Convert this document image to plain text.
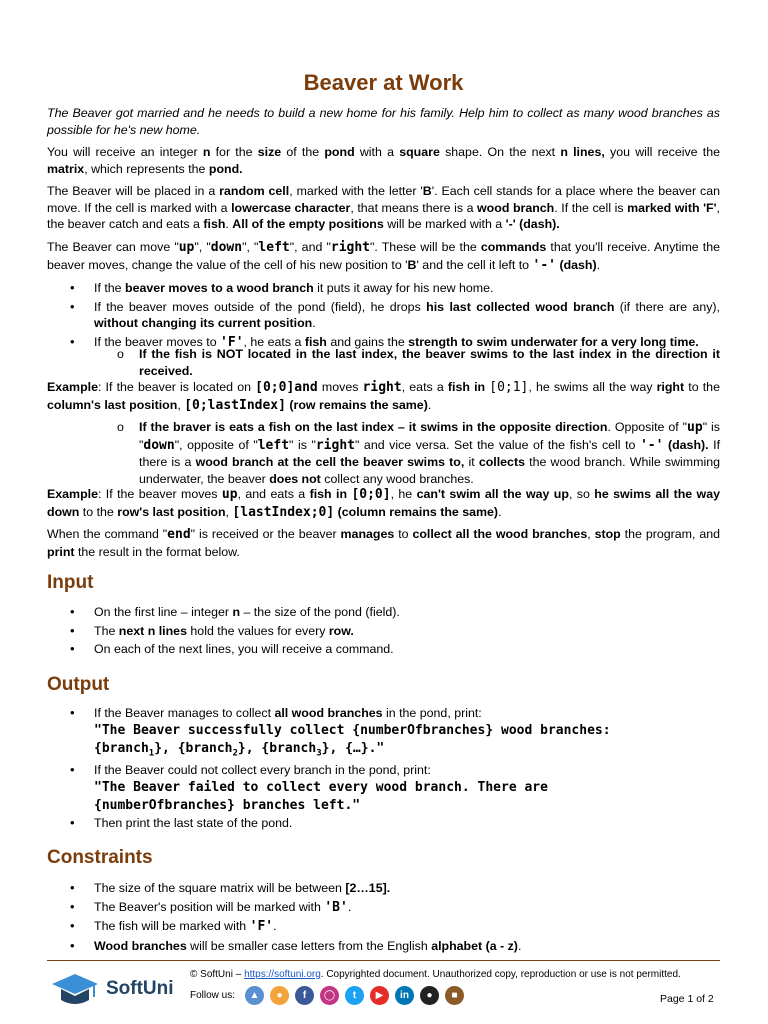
Beaver at Work

The Beaver got married and he needs to build a new home for his family. Help him to collect as many wood branches as possible for he's new home.

You will receive an integer n for the size of the pond with a square shape. On the next n lines, you will receive the matrix, which represents the pond.

The Beaver will be placed in a random cell, marked with the letter 'B'. Each cell stands for a place where the beaver can move. If the cell is marked with a lowercase character, that means there is a wood branch. If the cell is marked with 'F', the beaver catch and eats a fish. All of the empty positions will be marked with a '-' (dash).

The Beaver can move "up", "down", "left", and "right". These will be the commands that you'll receive. Anytime the beaver moves, change the value of the cell of his new position to 'B' and the cell it left to '-' (dash).

• If the beaver moves to a wood branch it puts it away for his new home.
• If the beaver moves outside of the pond (field), he drops his last collected wood branch (if there are any), without changing its current position.
• If the beaver moves to 'F', he eats a fish and gains the strength to swim underwater for a very long time.
o	If the fish is NOT located in the last index, the beaver swims to the last index in the direction it received.

Example: If the beaver is located on [0;0]and moves right, eats a fish in [0;1], he swims all the way right to the column's last position, [0;lastIndex] (row remains the same).

o	If the braver is eats a fish on the last index – it swims in the opposite direction. Opposite of "up" is "down", opposite of "left" is "right" and vice versa. Set the value of the fish's cell to '-' (dash). If there is a wood branch at the cell the beaver swims to, it collects the wood branch. While swimming underwater, the beaver does not collect any wood branches.

Example: If the beaver moves up, and eats a fish in [0;0], he can't swim all the way up, so he swims all the way down to the row's last position, [lastIndex;0] (column remains the same).

When the command "end" is received or the beaver manages to collect all the wood branches, stop the program, and print the result in the format below.

Input
• On the first line – integer n – the size of the pond (field).
• The next n lines hold the values for every row.
• On each of the next lines, you will receive a command.
Output
• If the Beaver manages to collect all wood branches in the pond, print:
"The Beaver successfully collect {numberOfbranches} wood branches:
{branch$_1$}, {branch$_2$}, {branch$_3$}, {…}."
• If the Beaver could not collect every branch in the pond, print:
"The Beaver failed to collect every wood branch. There are
{numberOfbranches} branches left."
• Then print the last state of the pond.
Constraints
• The size of the square matrix will be between [2…15].
• The Beaver's position will be marked with 'B'.
• The fish will be marked with 'F'.
• Wood branches will be smaller case letters from the English alphabet (a - z).
SoftUni
© SoftUni – https://softuni.org. Copyrighted document. Unauthorized copy, reproduction or use is not permitted.
Follow us:	▲	●	f	◯	t	▶	in	●	■	Page 1 of 2
